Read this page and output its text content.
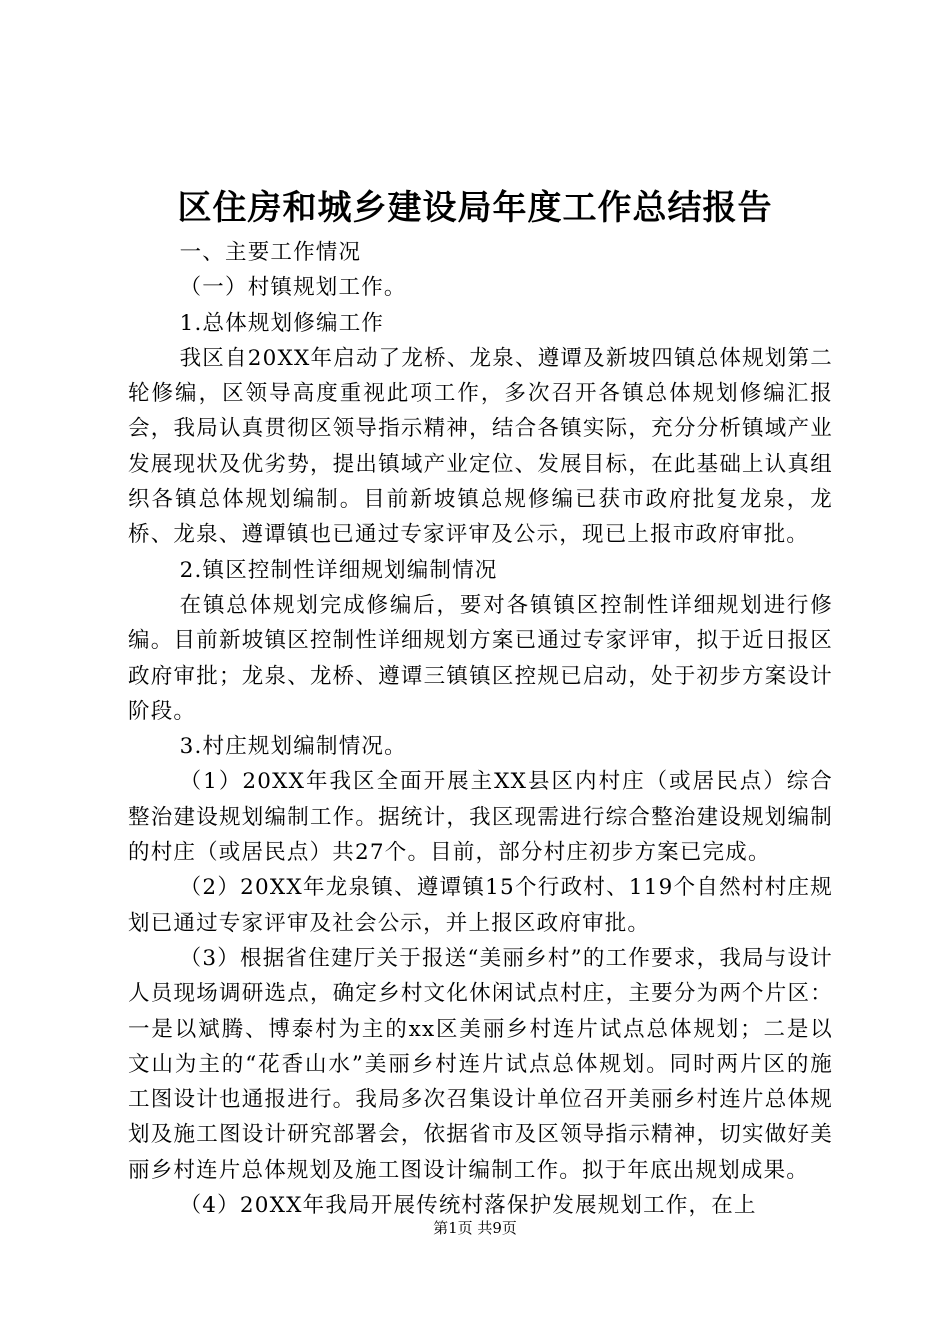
区住房和城乡建设局年度工作总结报告

一、主要工作情况

（一）村镇规划工作。

1.总体规划修编工作

我区自20XX年启动了龙桥、龙泉、遵谭及新坡四镇总体规划第二轮修编，区领导高度重视此项工作，多次召开各镇总体规划修编汇报会，我局认真贯彻区领导指示精神，结合各镇实际，充分分析镇域产业发展现状及优劣势，提出镇域产业定位、发展目标，在此基础上认真组织各镇总体规划编制。目前新坡镇总规修编已获市政府批复龙泉，龙桥、龙泉、遵谭镇也已通过专家评审及公示，现已上报市政府审批。

2.镇区控制性详细规划编制情况

在镇总体规划完成修编后，要对各镇镇区控制性详细规划进行修编。目前新坡镇区控制性详细规划方案已通过专家评审，拟于近日报区政府审批；龙泉、龙桥、遵谭三镇镇区控规已启动，处于初步方案设计阶段。

3.村庄规划编制情况。

（1）20XX年我区全面开展主XX县区内村庄（或居民点）综合整治建设规划编制工作。据统计，我区现需进行综合整治建设规划编制的村庄（或居民点）共27个。目前，部分村庄初步方案已完成。

（2）20XX年龙泉镇、遵谭镇15个行政村、119个自然村村庄规划已通过专家评审及社会公示，并上报区政府审批。

（3）根据省住建厅关于报送“美丽乡村”的工作要求，我局与设计人员现场调研选点，确定乡村文化休闲试点村庄，主要分为两个片区：一是以斌腾、博泰村为主的xx区美丽乡村连片试点总体规划；二是以文山为主的“花香山水”美丽乡村连片试点总体规划。同时两片区的施工图设计也通报进行。我局多次召集设计单位召开美丽乡村连片总体规划及施工图设计研究部署会，依据省市及区领导指示精神，切实做好美丽乡村连片总体规划及施工图设计编制工作。拟于年底出规划成果。

（4）20XX年我局开展传统村落保护发展规划工作，在上

第1页 共9页
